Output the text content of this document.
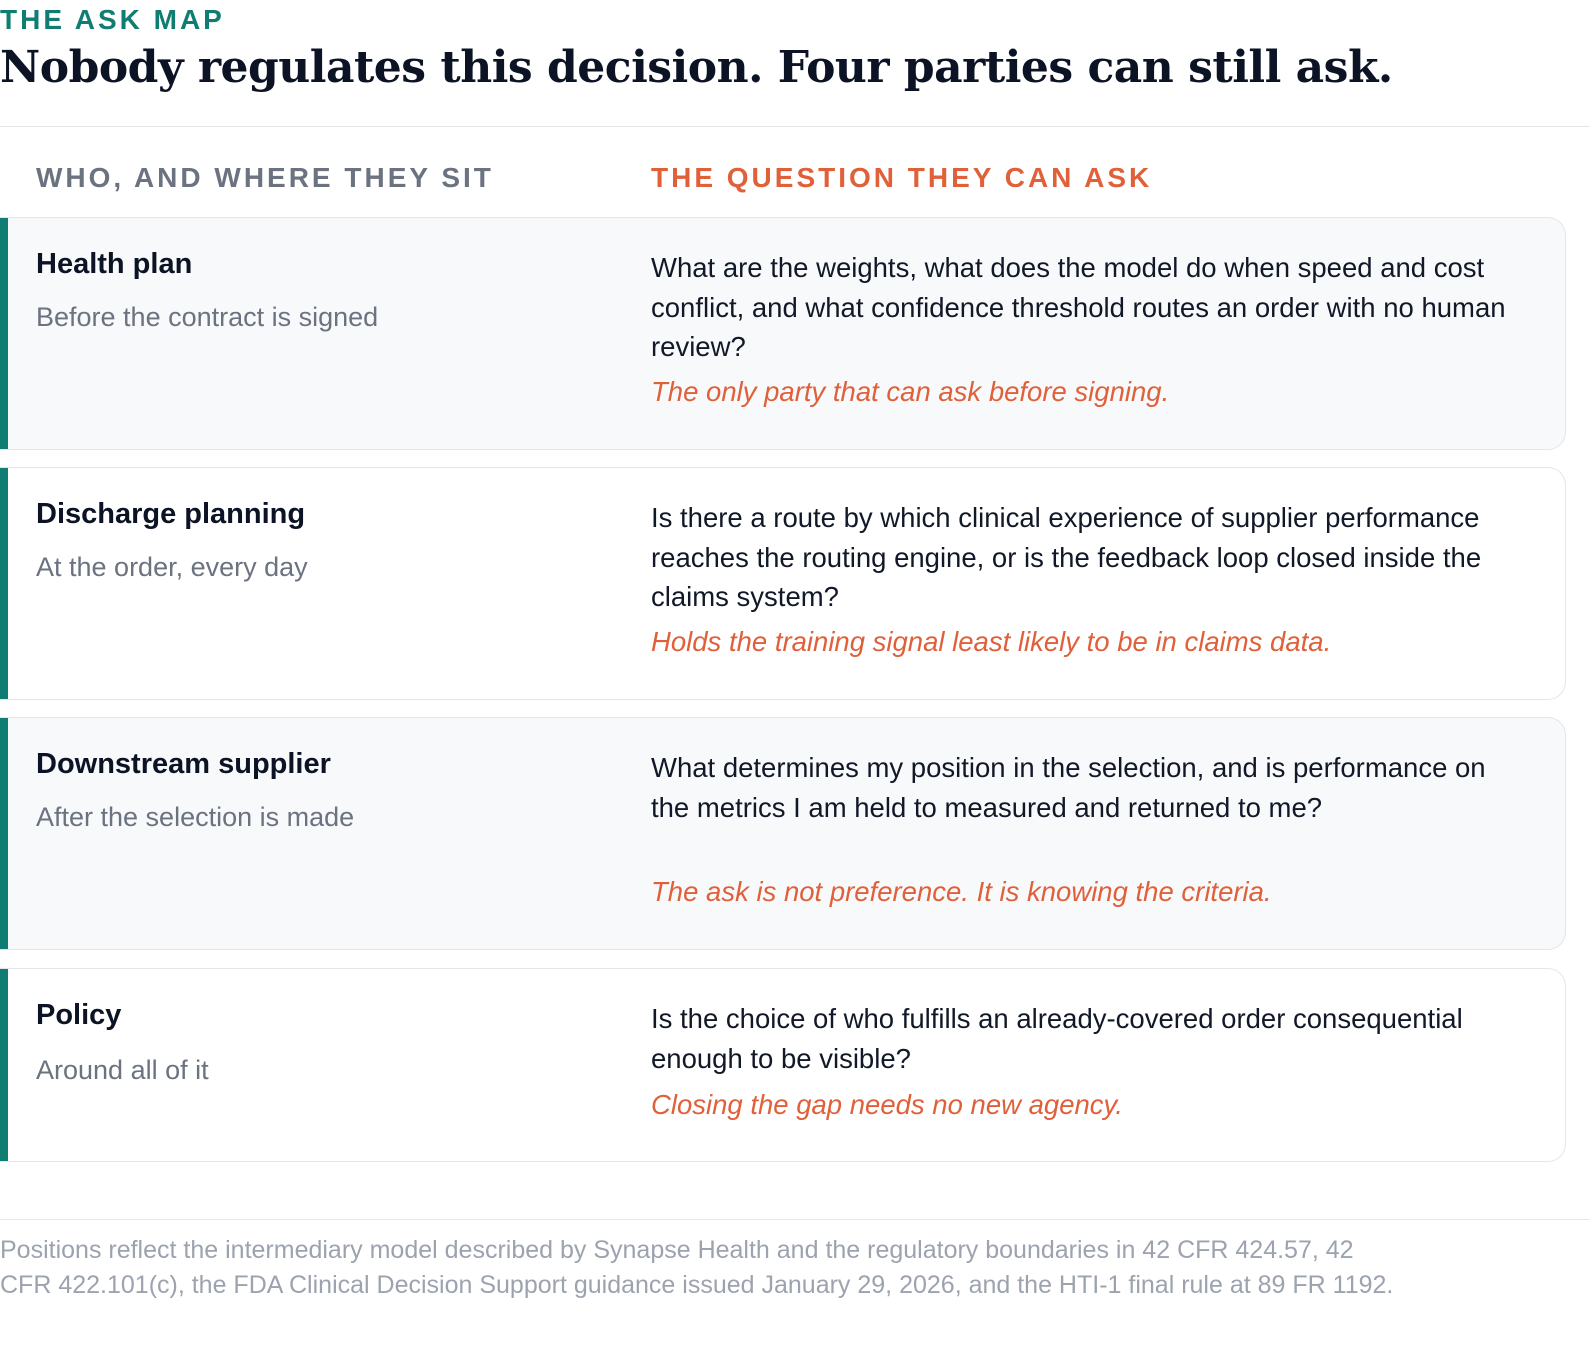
THE ASK MAP
Nobody regulates this decision. Four parties can still ask.
WHO, AND WHERE THEY SIT	THE QUESTION THEY CAN ASK
Health plan
Before the contract is signed
What are the weights, what does the model do when speed and cost conflict, and what confidence threshold routes an order with no human review?
The only party that can ask before signing.
Discharge planning
At the order, every day
Is there a route by which clinical experience of supplier performance reaches the routing engine, or is the feedback loop closed inside the claims system?
Holds the training signal least likely to be in claims data.
Downstream supplier
After the selection is made
What determines my position in the selection, and is performance on the metrics I am held to measured and returned to me?
The ask is not preference. It is knowing the criteria.
Policy
Around all of it
Is the choice of who fulfills an already-covered order consequential enough to be visible?
Closing the gap needs no new agency.
Positions reflect the intermediary model described by Synapse Health and the regulatory boundaries in 42 CFR 424.57, 42 CFR 422.101(c), the FDA Clinical Decision Support guidance issued January 29, 2026, and the HTI-1 final rule at 89 FR 1192.
